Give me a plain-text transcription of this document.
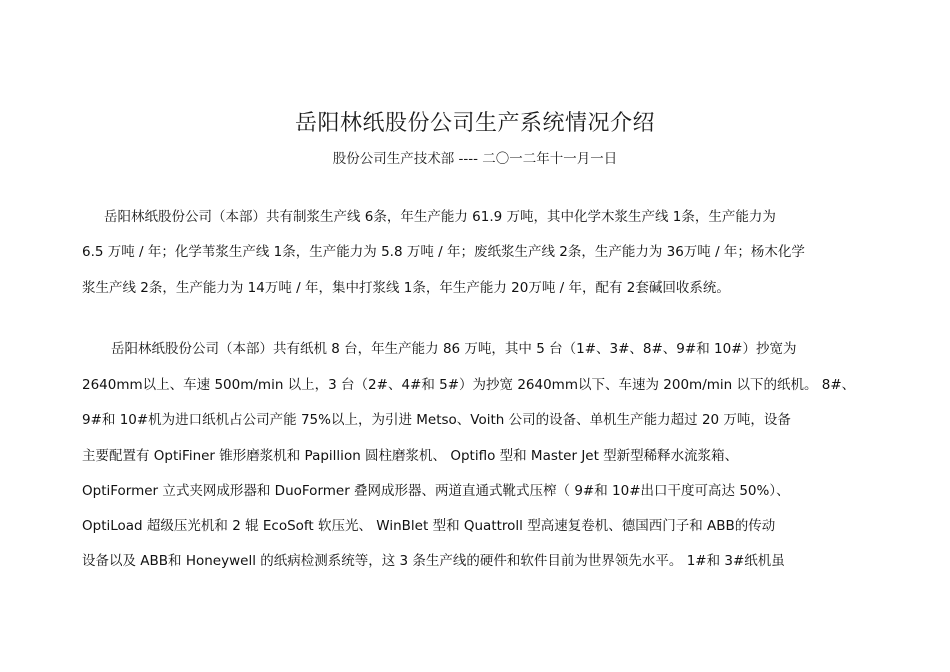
岳阳林纸股份公司生产系统情况介绍
股份公司生产技术部 ---- 二〇一二年十一月一日
岳阳林纸股份公司（本部）共有制浆生产线 6条，年生产能力 61.9 万吨，其中化学木浆生产线 1条，生产能力为
6.5 万吨 / 年；化学苇浆生产线 1条，生产能力为 5.8 万吨 / 年；废纸浆生产线 2条，生产能力为 36万吨 / 年；杨木化学
浆生产线 2条，生产能力为 14万吨 / 年，集中打浆线 1条，年生产能力 20万吨 / 年，配有 2套碱回收系统。
岳阳林纸股份公司（本部）共有纸机 8 台，年生产能力 86 万吨，其中 5 台（1#、3#、8#、9#和 10#）抄宽为
2640mm以上、车速 500m/min 以上，3 台（2#、4#和 5#）为抄宽 2640mm以下、车速为 200m/min 以下的纸机。 8#、
9#和 10#机为进口纸机占公司产能 75%以上，为引进 Metso、Voith 公司的设备、单机生产能力超过 20 万吨，设备
主要配置有 OptiFiner 锥形磨浆机和 Papillion 圆柱磨浆机、 Optiflo 型和 Master Jet 型新型稀释水流浆箱、
OptiFormer 立式夹网成形器和 DuoFormer 叠网成形器、两道直通式靴式压榨（ 9#和 10#出口干度可高达 50%）、
OptiLoad 超级压光机和 2 辊 EcoSoft 软压光、 WinBlet 型和 Quattroll 型高速复卷机、德国西门子和 ABB的传动
设备以及 ABB和 Honeywell 的纸病检测系统等，这 3 条生产线的硬件和软件目前为世界领先水平。 1#和 3#纸机虽
